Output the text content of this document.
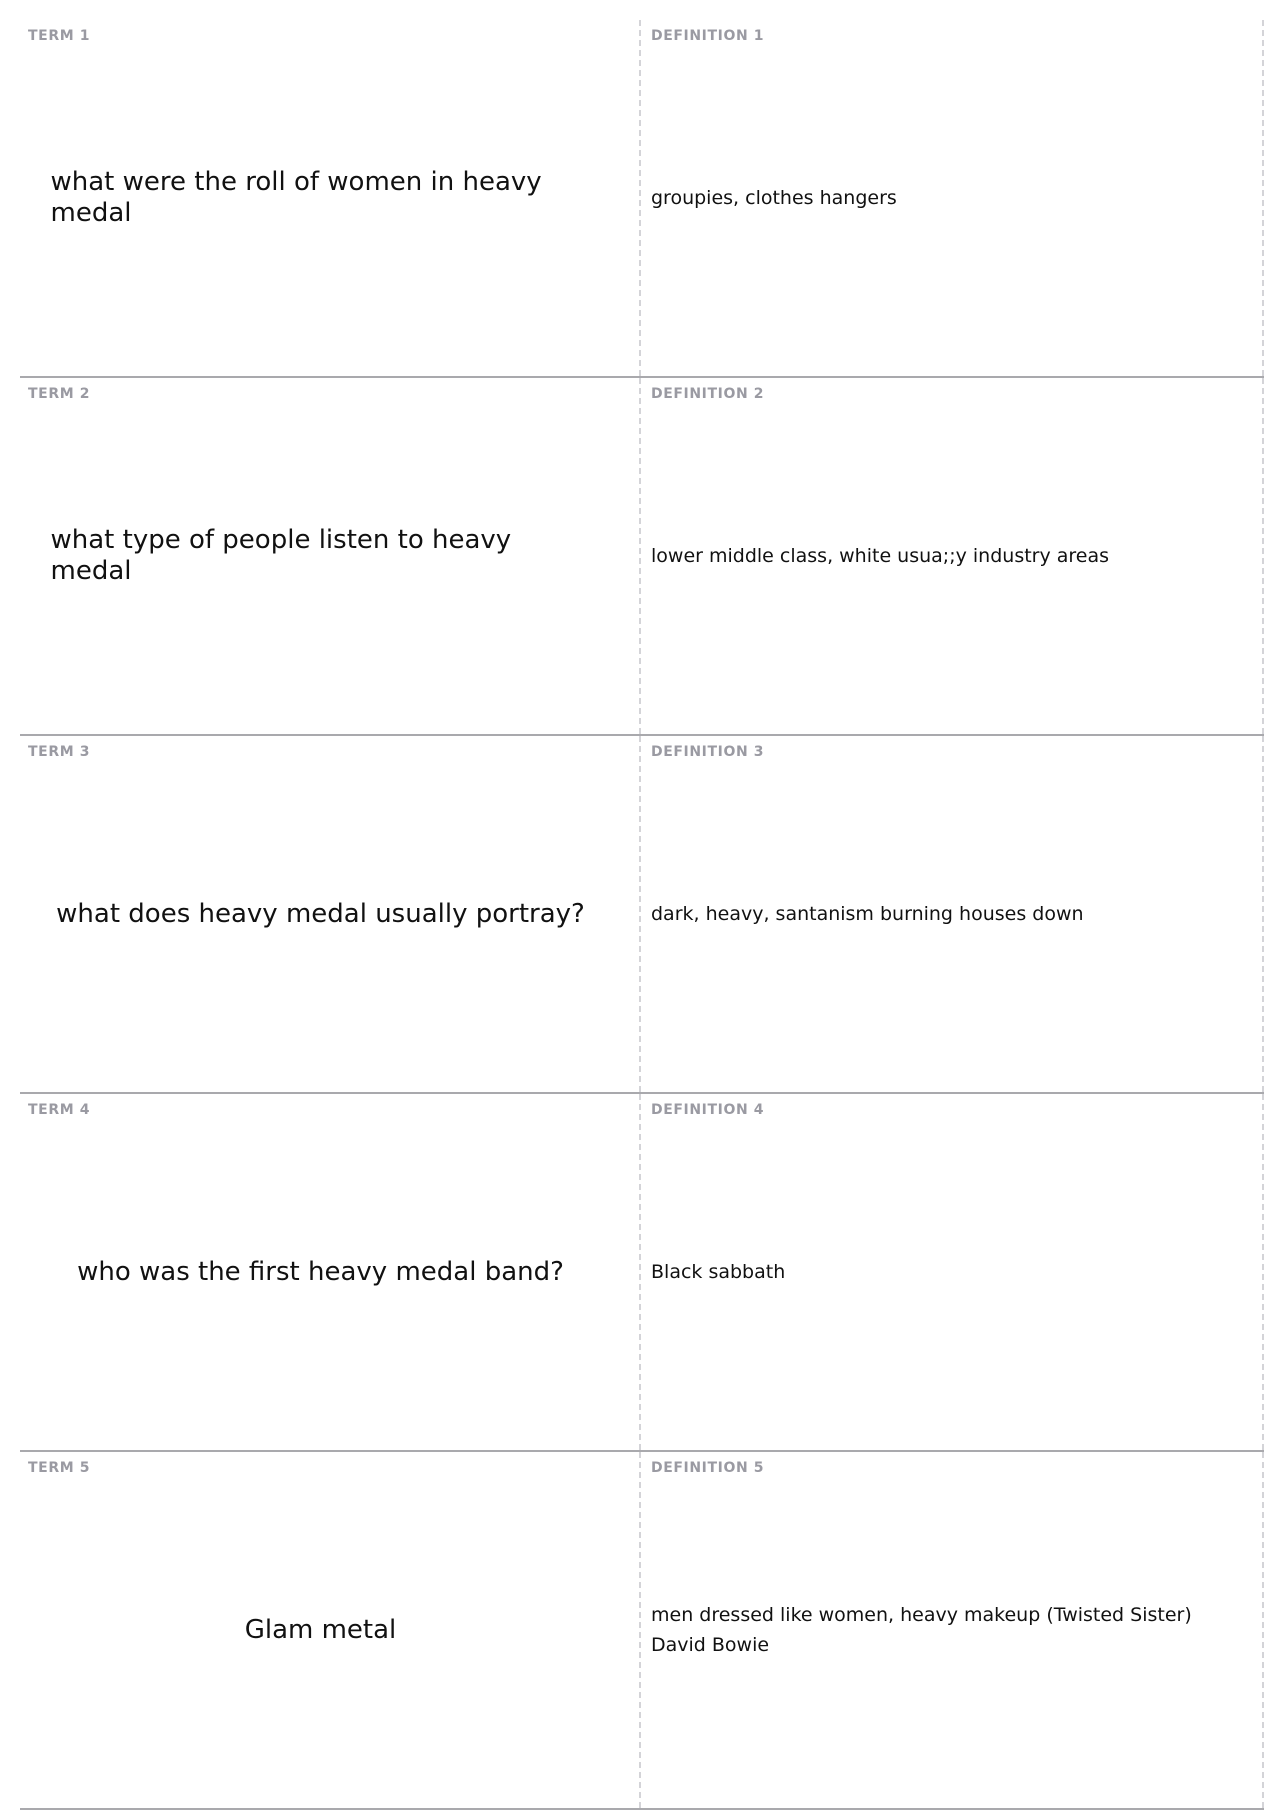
TERM 1
what were the roll of women in heavy medal
DEFINITION 1
groupies, clothes hangers
TERM 2
what type of people listen to heavy medal
DEFINITION 2
lower middle class, white usua;;y industry areas
TERM 3
what does heavy medal usually portray?
DEFINITION 3
dark, heavy, santanism burning houses down
TERM 4
who was the first heavy medal band?
DEFINITION 4
Black sabbath
TERM 5
Glam metal
DEFINITION 5
men dressed like women, heavy makeup (Twisted Sister)
David Bowie
